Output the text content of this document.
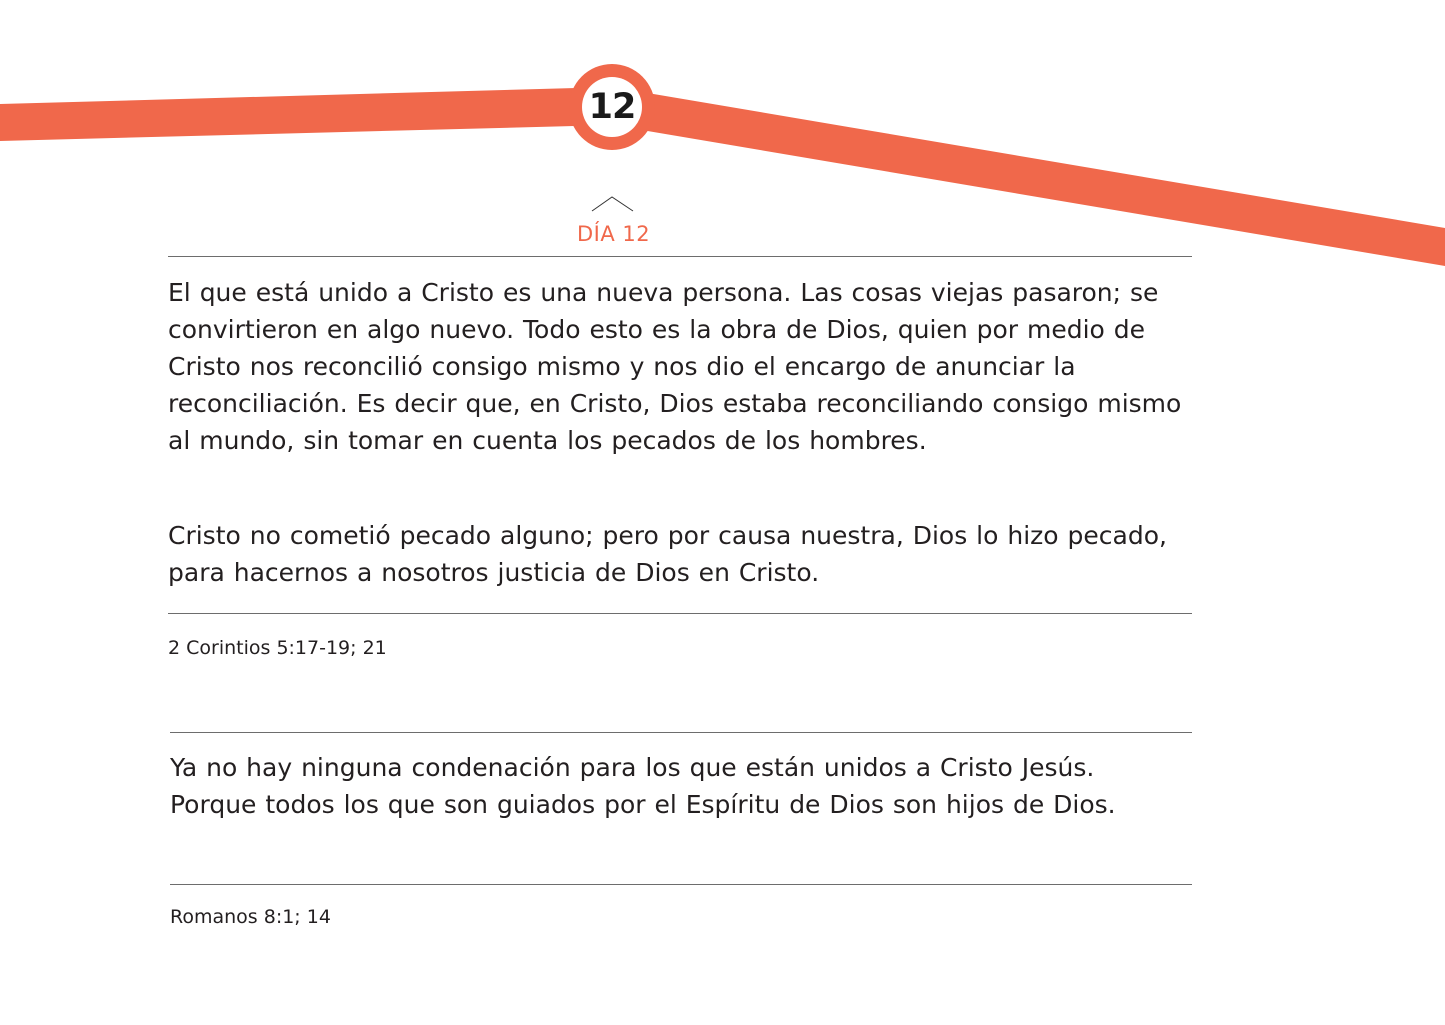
12
DÍA 12
El que está unido a Cristo es una nueva persona. Las cosas viejas pasaron; se convirtieron en algo nuevo. Todo esto es la obra de Dios, quien por medio de Cristo nos reconcilió consigo mismo y nos dio el encargo de anunciar la reconciliación. Es decir que, en Cristo, Dios estaba reconciliando consigo mismo al mundo, sin tomar en cuenta los pecados de los hombres.
Cristo no cometió pecado alguno; pero por causa nuestra, Dios lo hizo pecado, para hacernos a nosotros justicia de Dios en Cristo.
2 Corintios 5:17-19; 21
Ya no hay ninguna condenación para los que están unidos a Cristo Jesús. Porque todos los que son guiados por el Espíritu de Dios son hijos de Dios.
Romanos 8:1; 14
